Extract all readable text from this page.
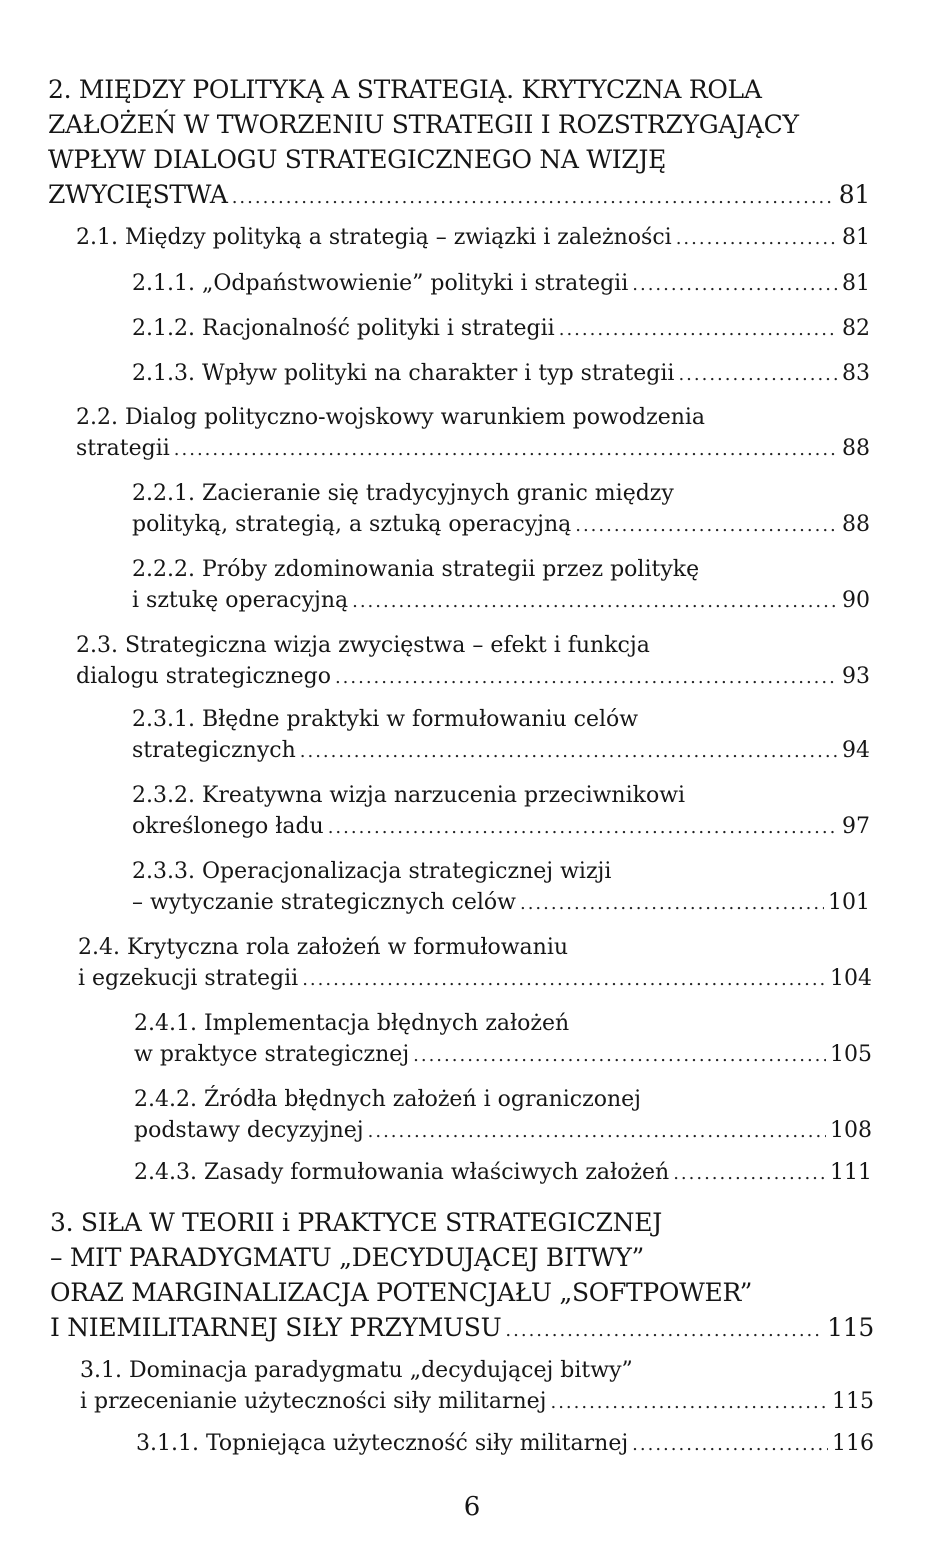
2. MIĘDZY POLITYKĄ A STRATEGIĄ. KRYTYCZNA ROLA
ZAŁOŻEŃ W TWORZENIU STRATEGII I ROZSTRZYGAJĄCY
WPŁYW DIALOGU STRATEGICZNEGO NA WIZJĘ
ZWYCIĘSTWA .....	81
2.1. Między polityką a strategią – związki i zależności .....	81
2.1.1. „Odpaństwowienie” polityki i strategii .....	81
2.1.2. Racjonalność polityki i strategii .....	82
2.1.3. Wpływ polityki na charakter i typ strategii .....	83
2.2. Dialog polityczno-wojskowy warunkiem powodzenia
strategii .....	88
2.2.1. Zacieranie się tradycyjnych granic między
polityką, strategią, a sztuką operacyjną .....	88
2.2.2. Próby zdominowania strategii przez politykę
i sztukę operacyjną .....	90
2.3. Strategiczna wizja zwycięstwa – efekt i funkcja
dialogu strategicznego .....	93
2.3.1. Błędne praktyki w formułowaniu celów
strategicznych .....	94
2.3.2. Kreatywna wizja narzucenia przeciwnikowi
określonego ładu .....	97
2.3.3. Operacjonalizacja strategicznej wizji
– wytyczanie strategicznych celów .....	101
2.4. Krytyczna rola założeń w formułowaniu
i egzekucji strategii .....	104
2.4.1. Implementacja błędnych założeń
w praktyce strategicznej .....	105
2.4.2. Źródła błędnych założeń i ograniczonej
podstawy decyzyjnej .....	108
2.4.3. Zasady formułowania właściwych założeń .....	111
3. SIŁA W TEORII i PRAKTYCE STRATEGICZNEJ
– MIT PARADYGMATU „DECYDUJĄCEJ BITWY”
ORAZ MARGINALIZACJA POTENCJAŁU „SOFTPOWER”
I NIEMILITARNEJ SIŁY PRZYMUSU .....	115
3.1. Dominacja paradygmatu „decydującej bitwy”
i przecenianie użyteczności siły militarnej .....	115
3.1.1. Topniejąca użyteczność siły militarnej .....	116
6
